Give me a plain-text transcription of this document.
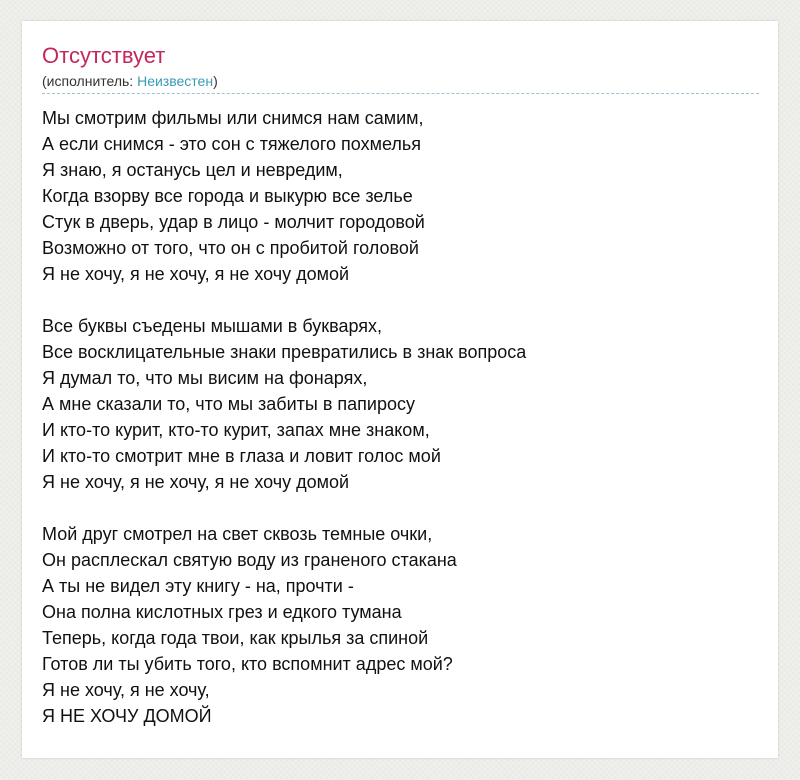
Отсутствует
(исполнитель: Неизвестен)
Мы смотрим фильмы или снимся нам самим,
А если снимся - это сон с тяжелого похмелья
Я знаю, я останусь цел и невредим,
Когда взорву все города и выкурю все зелье
Стук в дверь, удар в лицо - молчит городовой
Возможно от того, что он с пробитой головой
Я не хочу, я не хочу, я не хочу домой
Все буквы съедены мышами в букварях,
Все восклицательные знаки превратились в знак вопроса
Я думал то, что мы висим на фонарях,
А мне сказали то, что мы забиты в папиросу
И кто-то курит, кто-то курит, запах мне знаком,
И кто-то смотрит мне в глаза и ловит голос мой
Я не хочу, я не хочу, я не хочу домой
Мой друг смотрел на свет сквозь темные очки,
Он расплескал святую воду из граненого стакана
А ты не видел эту книгу - на, прочти -
Она полна кислотных грез и едкого тумана
Теперь, когда года твои, как крылья за спиной
Готов ли ты убить того, кто вспомнит адрес мой?
Я не хочу, я не хочу,
Я НЕ ХОЧУ ДОМОЙ
